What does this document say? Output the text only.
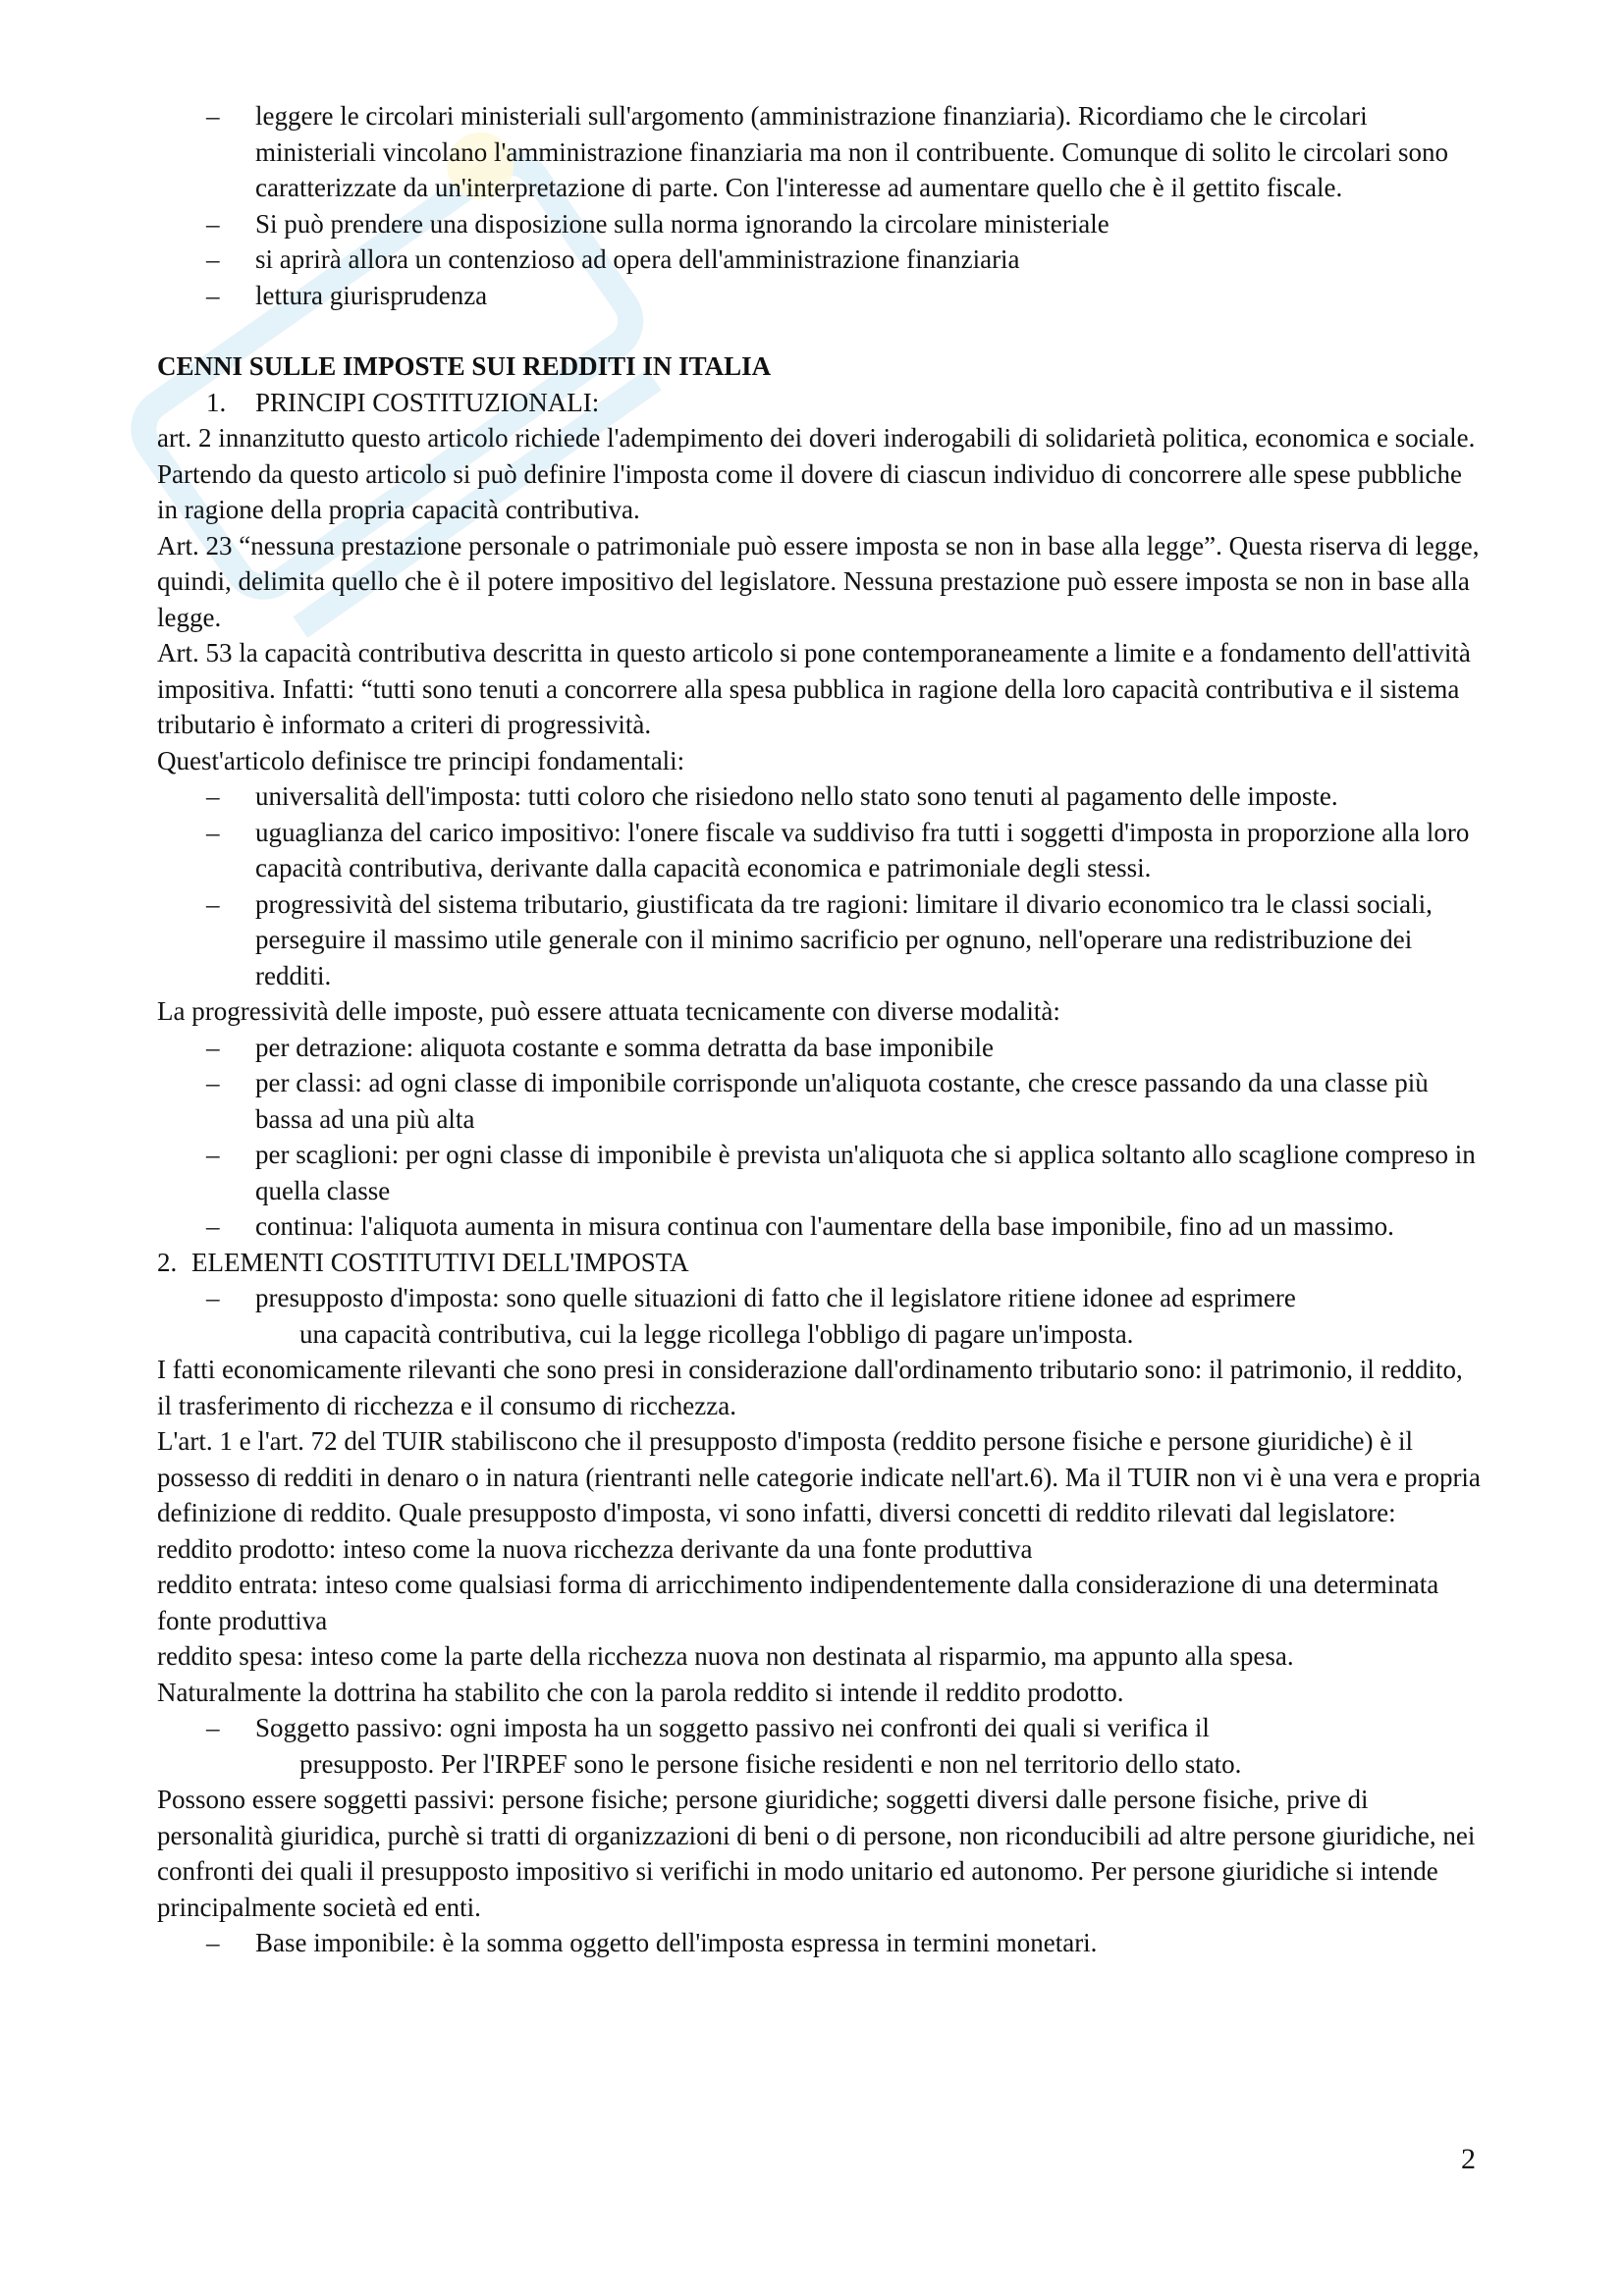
– leggere le circolari ministeriali sull'argomento (amministrazione finanziaria). Ricordiamo che le circolari ministeriali vincolano l'amministrazione finanziaria ma non il contribuente. Comunque di solito le circolari sono caratterizzate da un'interpretazione di parte. Con l'interesse ad aumentare quello che è il gettito fiscale.

– Si può prendere una disposizione sulla norma ignorando la circolare ministeriale

– si aprirà allora un contenzioso ad opera dell'amministrazione finanziaria

– lettura giurisprudenza

CENNI SULLE IMPOSTE SUI REDDITI IN ITALIA

1. PRINCIPI COSTITUZIONALI:

art. 2 innanzitutto questo articolo richiede l'adempimento dei doveri inderogabili di solidarietà politica, economica e sociale. Partendo da questo articolo si può definire l'imposta come il dovere di ciascun individuo di concorrere alle spese pubbliche in ragione della propria capacità contributiva.

Art. 23 “nessuna prestazione personale o patrimoniale può essere imposta se non in base alla legge”. Questa riserva di legge, quindi, delimita quello che è il potere impositivo del legislatore. Nessuna prestazione può essere imposta se non in base alla legge.

Art. 53 la capacità contributiva descritta in questo articolo si pone contemporaneamente a limite e a fondamento dell'attività impositiva. Infatti: “tutti sono tenuti a concorrere alla spesa pubblica in ragione della loro capacità contributiva e il sistema tributario è informato a criteri di progressività.

Quest'articolo definisce tre principi fondamentali:

– universalità dell'imposta: tutti coloro che risiedono nello stato sono tenuti al pagamento delle imposte.

– uguaglianza del carico impositivo: l'onere fiscale va suddiviso fra tutti i soggetti d'imposta in proporzione alla loro capacità contributiva, derivante dalla capacità economica e patrimoniale degli stessi.

– progressività del sistema tributario, giustificata da tre ragioni: limitare il divario economico tra le classi sociali, perseguire il massimo utile generale con il minimo sacrificio per ognuno, nell'operare una redistribuzione dei redditi.

La progressività delle imposte, può essere attuata tecnicamente con diverse modalità:

– per detrazione: aliquota costante e somma detratta da base imponibile

– per classi: ad ogni classe di imponibile corrisponde un'aliquota costante, che cresce passando da una classe più bassa ad una più alta

– per scaglioni: per ogni classe di imponibile è prevista un'aliquota che si applica soltanto allo scaglione compreso in quella classe

– continua: l'aliquota aumenta in misura continua con l'aumentare della base imponibile, fino ad un massimo.

2. ELEMENTI COSTITUTIVI DELL'IMPOSTA

– presupposto d'imposta: sono quelle situazioni di fatto che il legislatore ritiene idonee ad esprimere
una capacità contributiva, cui la legge ricollega l'obbligo di pagare un'imposta.

I fatti economicamente rilevanti che sono presi in considerazione dall'ordinamento tributario sono: il patrimonio, il reddito, il trasferimento di ricchezza e il consumo di ricchezza.

L'art. 1 e l'art. 72 del TUIR stabiliscono che il presupposto d'imposta (reddito persone fisiche e persone giuridiche) è il possesso di redditi in denaro o in natura (rientranti nelle categorie indicate nell'art.6). Ma il TUIR non vi è una vera e propria definizione di reddito. Quale presupposto d'imposta, vi sono infatti, diversi concetti di reddito rilevati dal legislatore:

reddito prodotto: inteso come la nuova ricchezza derivante da una fonte produttiva

reddito entrata: inteso come qualsiasi forma di arricchimento indipendentemente dalla considerazione di una determinata fonte produttiva

reddito spesa: inteso come la parte della ricchezza nuova non destinata al risparmio, ma appunto alla spesa.

Naturalmente la dottrina ha stabilito che con la parola reddito si intende il reddito prodotto.

– Soggetto passivo: ogni imposta ha un soggetto passivo nei confronti dei quali si verifica il
presupposto. Per l'IRPEF sono le persone fisiche residenti e non nel territorio dello stato.

Possono essere soggetti passivi: persone fisiche; persone giuridiche; soggetti diversi dalle persone fisiche, prive di personalità giuridica, purchè si tratti di organizzazioni di beni o di persone, non riconducibili ad altre persone giuridiche, nei confronti dei quali il presupposto impositivo si verifichi in modo unitario ed autonomo. Per persone giuridiche si intende principalmente società ed enti.

– Base imponibile: è la somma oggetto dell'imposta espressa in termini monetari.

2
